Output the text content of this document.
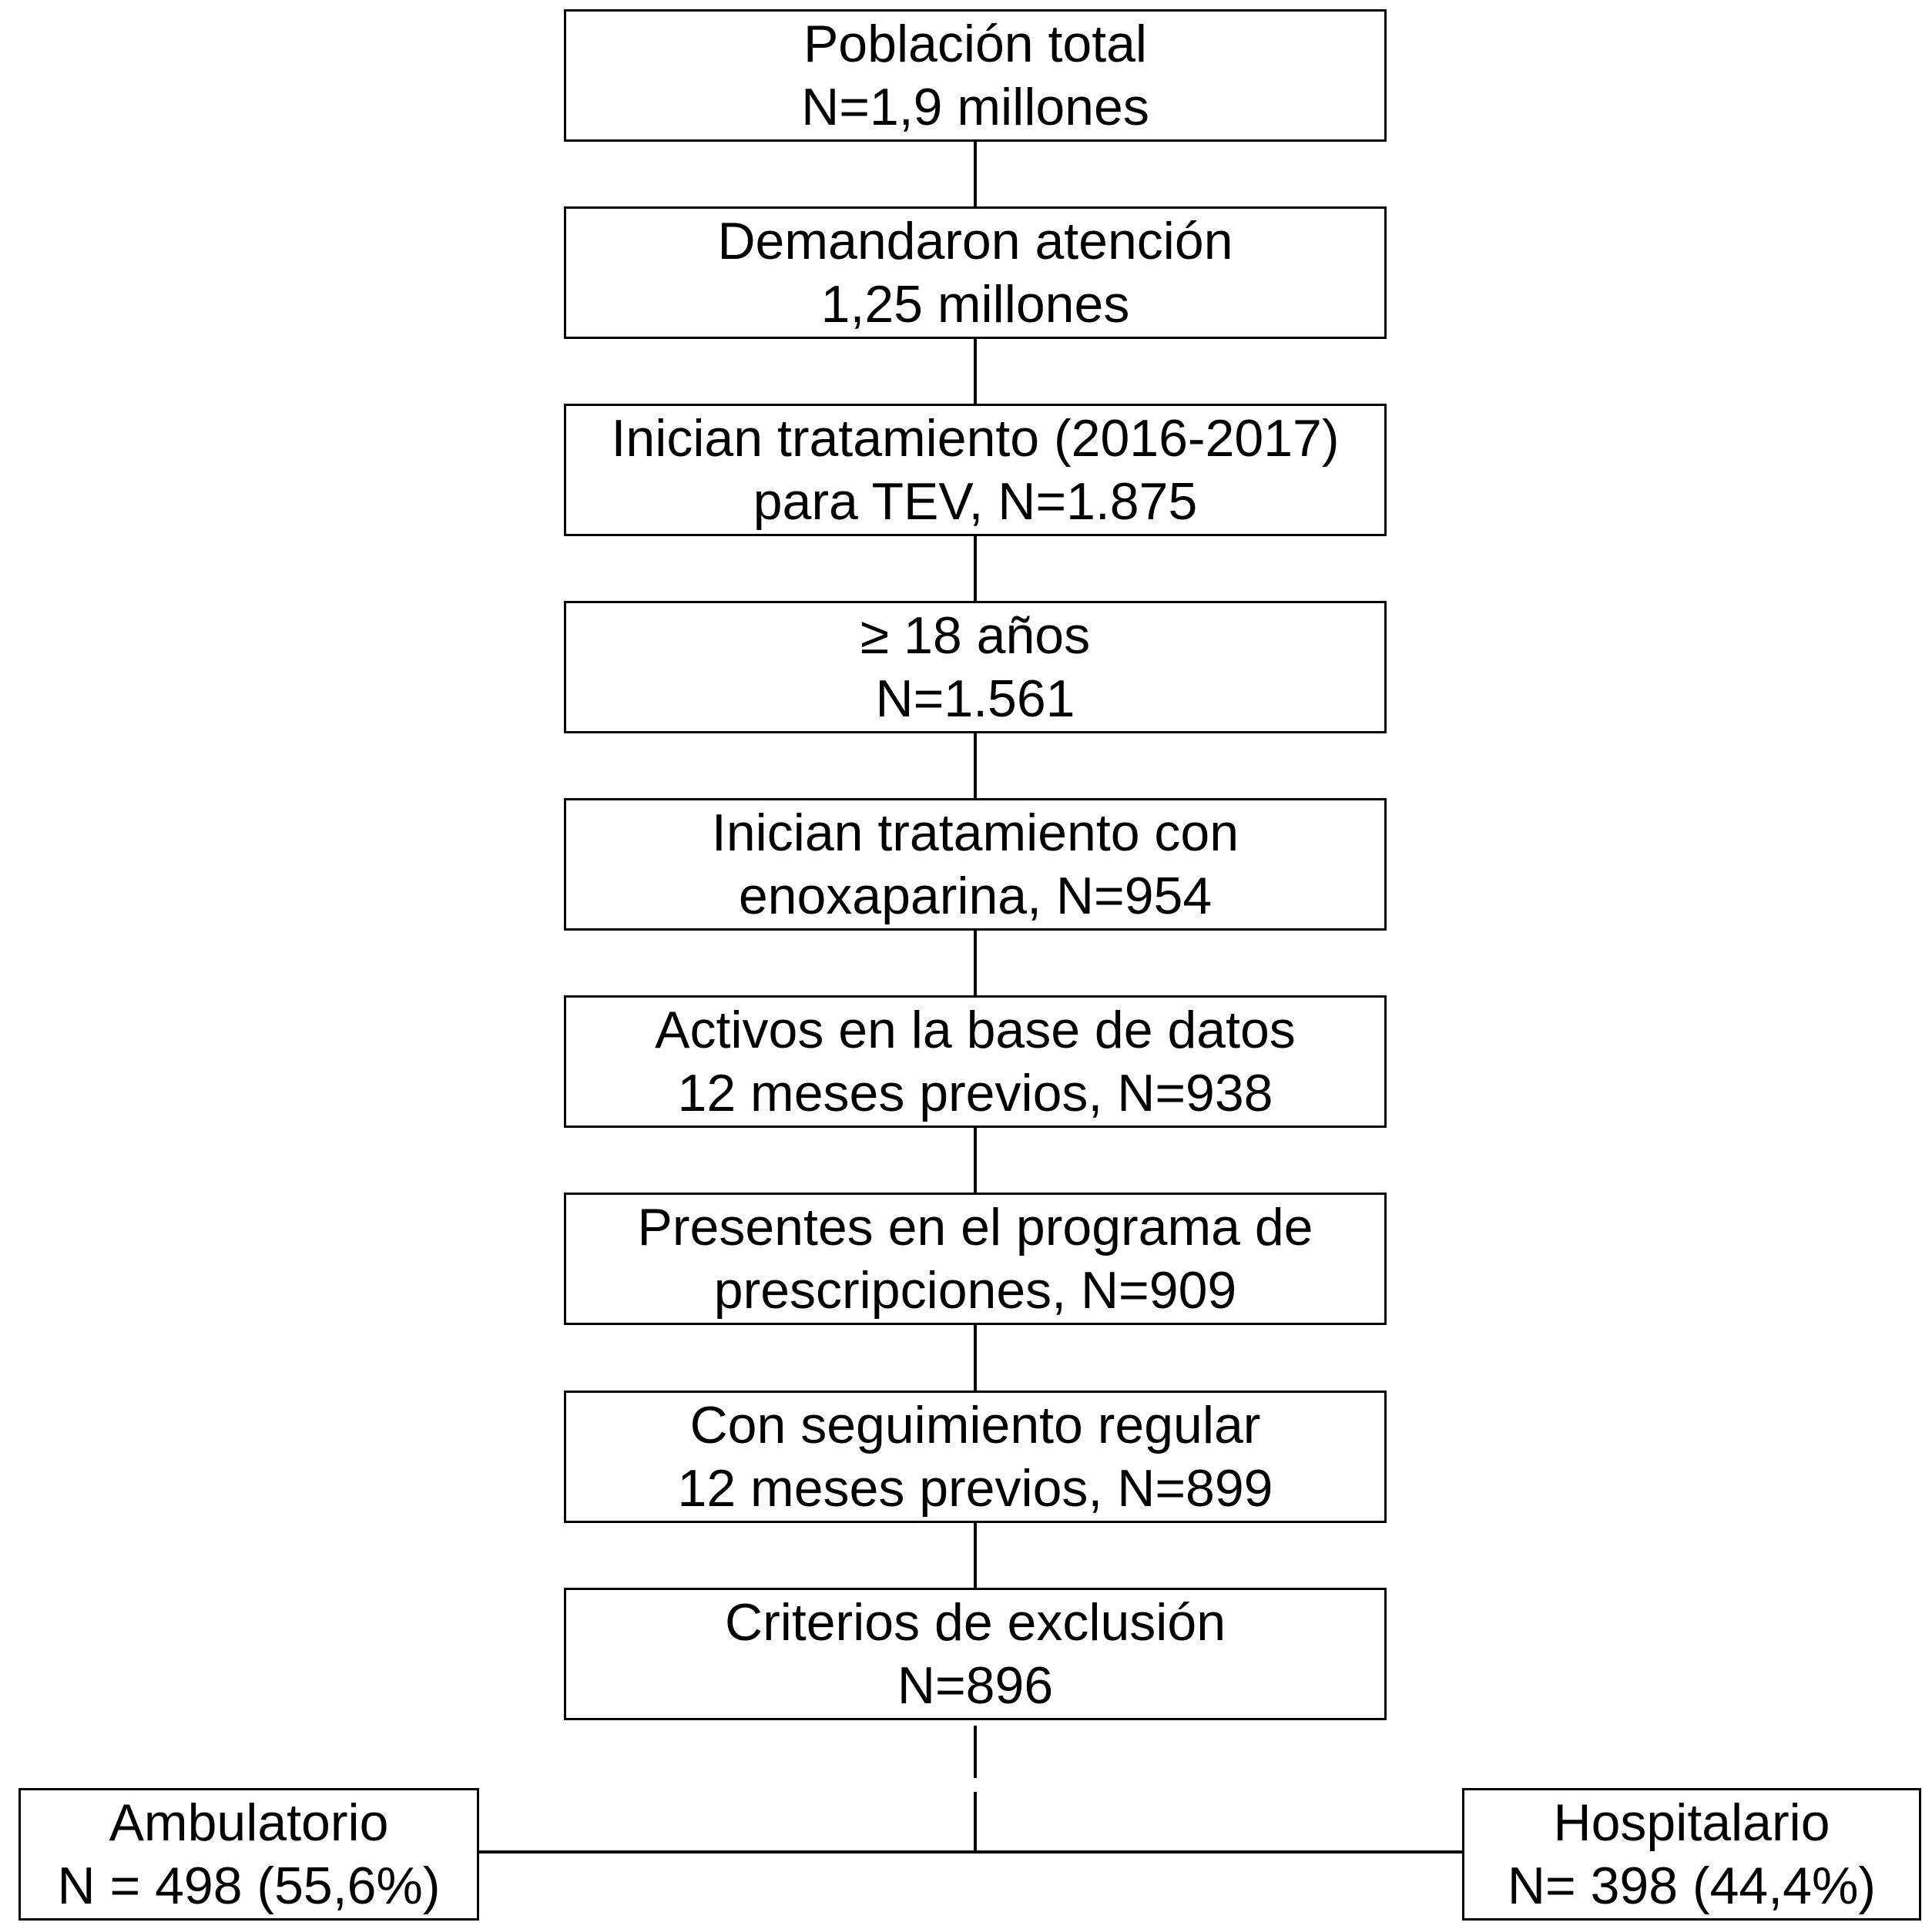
Población total
N=1,9 millones
Demandaron atención
1,25 millones
Inician tratamiento (2016-2017)
para TEV, N=1.875
≥ 18 años
N=1.561
Inician tratamiento con
enoxaparina, N=954
Activos en la base de datos
12 meses previos, N=938
Presentes en el programa de
prescripciones, N=909
Con seguimiento regular
12 meses previos, N=899
Criterios de exclusión
N=896
Ambulatorio
N = 498 (55,6%)
Hospitalario
N= 398 (44,4%)
